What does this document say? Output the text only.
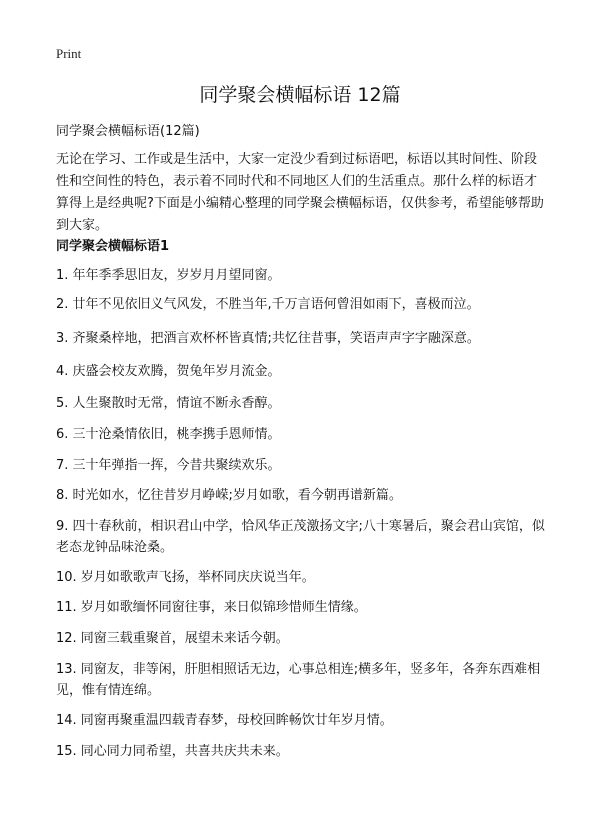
Print
同学聚会横幅标语 12篇

同学聚会横幅标语(12篇)

无论在学习、工作或是生活中，大家一定没少看到过标语吧，标语以其时间性、阶段性和空间性的特色，表示着不同时代和不同地区人们的生活重点。那什么样的标语才算得上是经典呢?下面是小编精心整理的同学聚会横幅标语，仅供参考，希望能够帮助到大家。

同学聚会横幅标语1

1. 年年季季思旧友，岁岁月月望同窗。

2. 廿年不见依旧义气风发，不胜当年,千万言语何曾泪如雨下，喜极而泣。

3. 齐聚桑梓地，把酒言欢杯杯皆真情;共忆往昔事，笑语声声字字融深意。

4. 庆盛会校友欢腾，贺兔年岁月流金。

5. 人生聚散时无常，情谊不断永香醇。

6. 三十沧桑情依旧，桃李携手恩师情。

7. 三十年弹指一挥，今昔共聚续欢乐。

8. 时光如水，忆往昔岁月峥嵘;岁月如歌，看今朝再谱新篇。

9. 四十春秋前，相识君山中学，恰风华正茂激扬文字;八十寒暑后，聚会君山宾馆，似老态龙钟品味沧桑。

10. 岁月如歌歌声飞扬，举杯同庆庆说当年。

11. 岁月如歌缅怀同窗往事，来日似锦珍惜师生情缘。

12. 同窗三载重聚首，展望未来话今朝。

13. 同窗友，非等闲，肝胆相照话无边，心事总相连;横多年，竖多年，各奔东西难相见，惟有情连绵。

14. 同窗再聚重温四载青春梦，母校回眸畅饮廿年岁月情。

15. 同心同力同希望，共喜共庆共未来。
